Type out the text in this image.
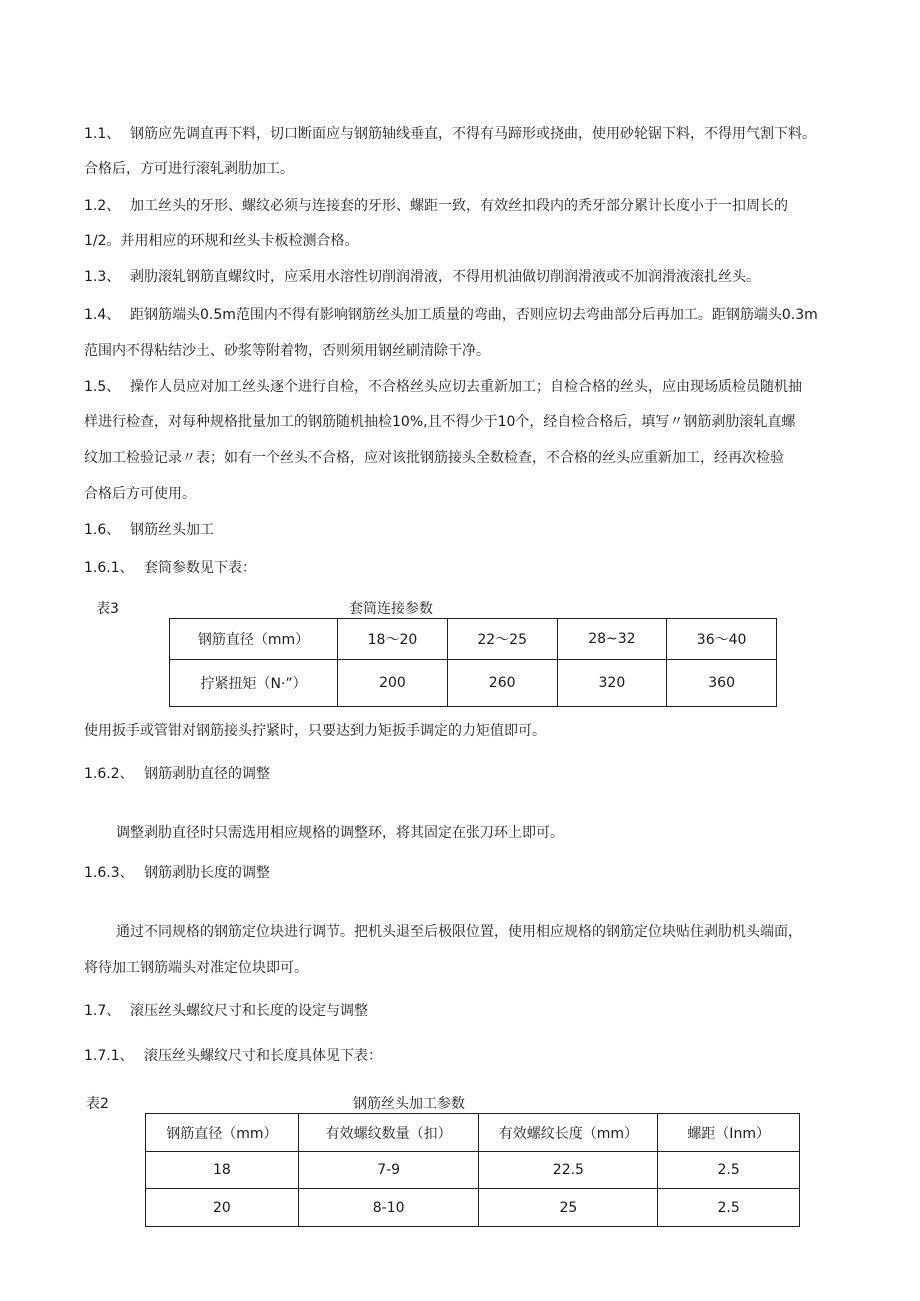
1.1、 钢筋应先调直再下料，切口断面应与钢筋轴线垂直，不得有马蹄形或挠曲，使用砂轮锯下料，不得用气割下料。
合格后，方可进行滚轧剥肋加工。
1.2、 加工丝头的牙形、螺纹必须与连接套的牙形、螺距一致，有效丝扣段内的秃牙部分累计长度小于一扣周长的
1/2。并用相应的环规和丝头卡板检测合格。
1.3、 剥肋滚轧钢筋直螺纹时，应采用水溶性切削润滑液，不得用机油做切削润滑液或不加润滑液滚扎丝头。
1.4、 距钢筋端头0.5m范围内不得有影响钢筋丝头加工质量的弯曲，否则应切去弯曲部分后再加工。距钢筋端头0.3m
范围内不得粘结沙土、砂浆等附着物，否则须用钢丝刷清除干净。
1.5、 操作人员应对加工丝头逐个进行自检，不合格丝头应切去重新加工；自检合格的丝头，应由现场质检员随机抽
样进行检查，对每种规格批量加工的钢筋随机抽检10%,且不得少于10个，经自检合格后，填写〃钢筋剥肋滚轧直螺
纹加工检验记录〃表；如有一个丝头不合格，应对该批钢筋接头全数检查，不合格的丝头应重新加工，经再次检验
合格后方可使用。
1.6、 钢筋丝头加工
1.6.1、 套筒参数见下表：
表3	套筒连接参数
钢筋直径（mm）	18～20	22～25	28~32	36～40
拧紧扭矩（N·”）	200	260	320	360
使用扳手或管钳对钢筋接头拧紧时，只要达到力矩扳手调定的力矩值即可。
1.6.2、 钢筋剥肋直径的调整
调整剥肋直径时只需选用相应规格的调整环，将其固定在张刀环上即可。
1.6.3、 钢筋剥肋长度的调整
通过不同规格的钢筋定位块进行调节。把机头退至后极限位置，使用相应规格的钢筋定位块贴住剥肋机头端面，
将待加工钢筋端头对准定位块即可。
1.7、 滚压丝头螺纹尺寸和长度的设定与调整
1.7.1、 滚压丝头螺纹尺寸和长度具体见下表：
表2	钢筋丝头加工参数
钢筋直径（mm）	有效螺纹数量（扣）	有效螺纹长度（mm）	螺距（Inm）
18	7-9	22.5	2.5
20	8-10	25	2.5
